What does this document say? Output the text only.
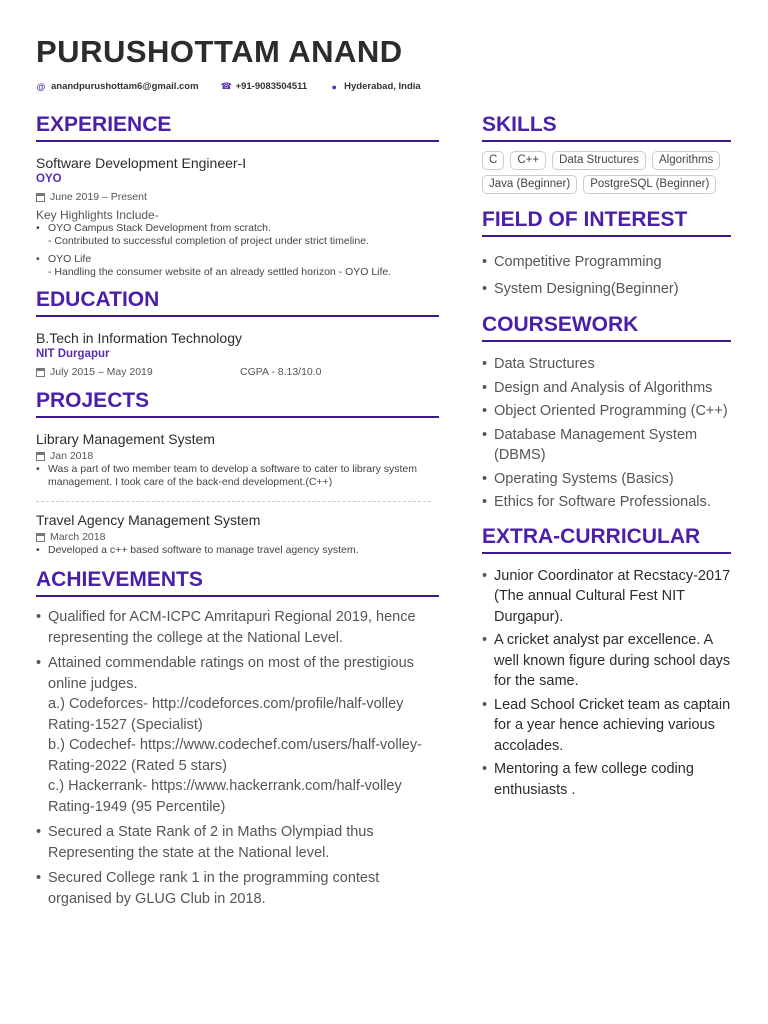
PURUSHOTTAM ANAND
@ anandpurushottam6@gmail.com ☎ +91-9083504511	● Hyderabad, India
EXPERIENCE
Software Development Engineer-I
OYO
June 2019 – Present
Key Highlights Include-
• OYO Campus Stack Development from scratch.
- Contributed to successful completion of project under strict timeline.
• OYO Life
- Handling the consumer website of an already settled horizon - OYO Life.
EDUCATION
B.Tech in Information Technology
NIT Durgapur
July 2015 – May 2019	CGPA - 8.13/10.0
PROJECTS
Library Management System
Jan 2018
• Was a part of two member team to develop a software to cater to library system management. I took care of the back-end development.(C++)
Travel Agency Management System
March 2018
• Developed a c++ based software to manage travel agency system.
ACHIEVEMENTS
• Qualified for ACM-ICPC Amritapuri Regional 2019, hence representing the college at the National Level.
• Attained commendable ratings on most of the prestigious online judges.
a.) Codeforces- http://codeforces.com/profile/half-volley Rating-1527 (Specialist)
b.) Codechef- https://www.codechef.com/users/half-volley- Rating-2022 (Rated 5 stars)
c.) Hackerrank- https://www.hackerrank.com/half-volley Rating-1949 (95 Percentile)
• Secured a State Rank of 2 in Maths Olympiad thus Representing the state at the National level.
• Secured College rank 1 in the programming contest organised by GLUG Club in 2018.
SKILLS
C	C++	Data Structures	Algorithms
Java (Beginner)	PostgreSQL (Beginner)
FIELD OF INTEREST
• Competitive Programming
• System Designing(Beginner)
COURSEWORK
• Data Structures
• Design and Analysis of Algorithms
• Object Oriented Programming (C++)
• Database Management System (DBMS)
• Operating Systems (Basics)
• Ethics for Software Professionals.
EXTRA-CURRICULAR
• Junior Coordinator at Recstacy-2017 (The annual Cultural Fest NIT Durgapur).
• A cricket analyst par excellence. A well known figure during school days for the same.
• Lead School Cricket team as captain for a year hence achieving various accolades.
• Mentoring a few college coding enthusiasts .
